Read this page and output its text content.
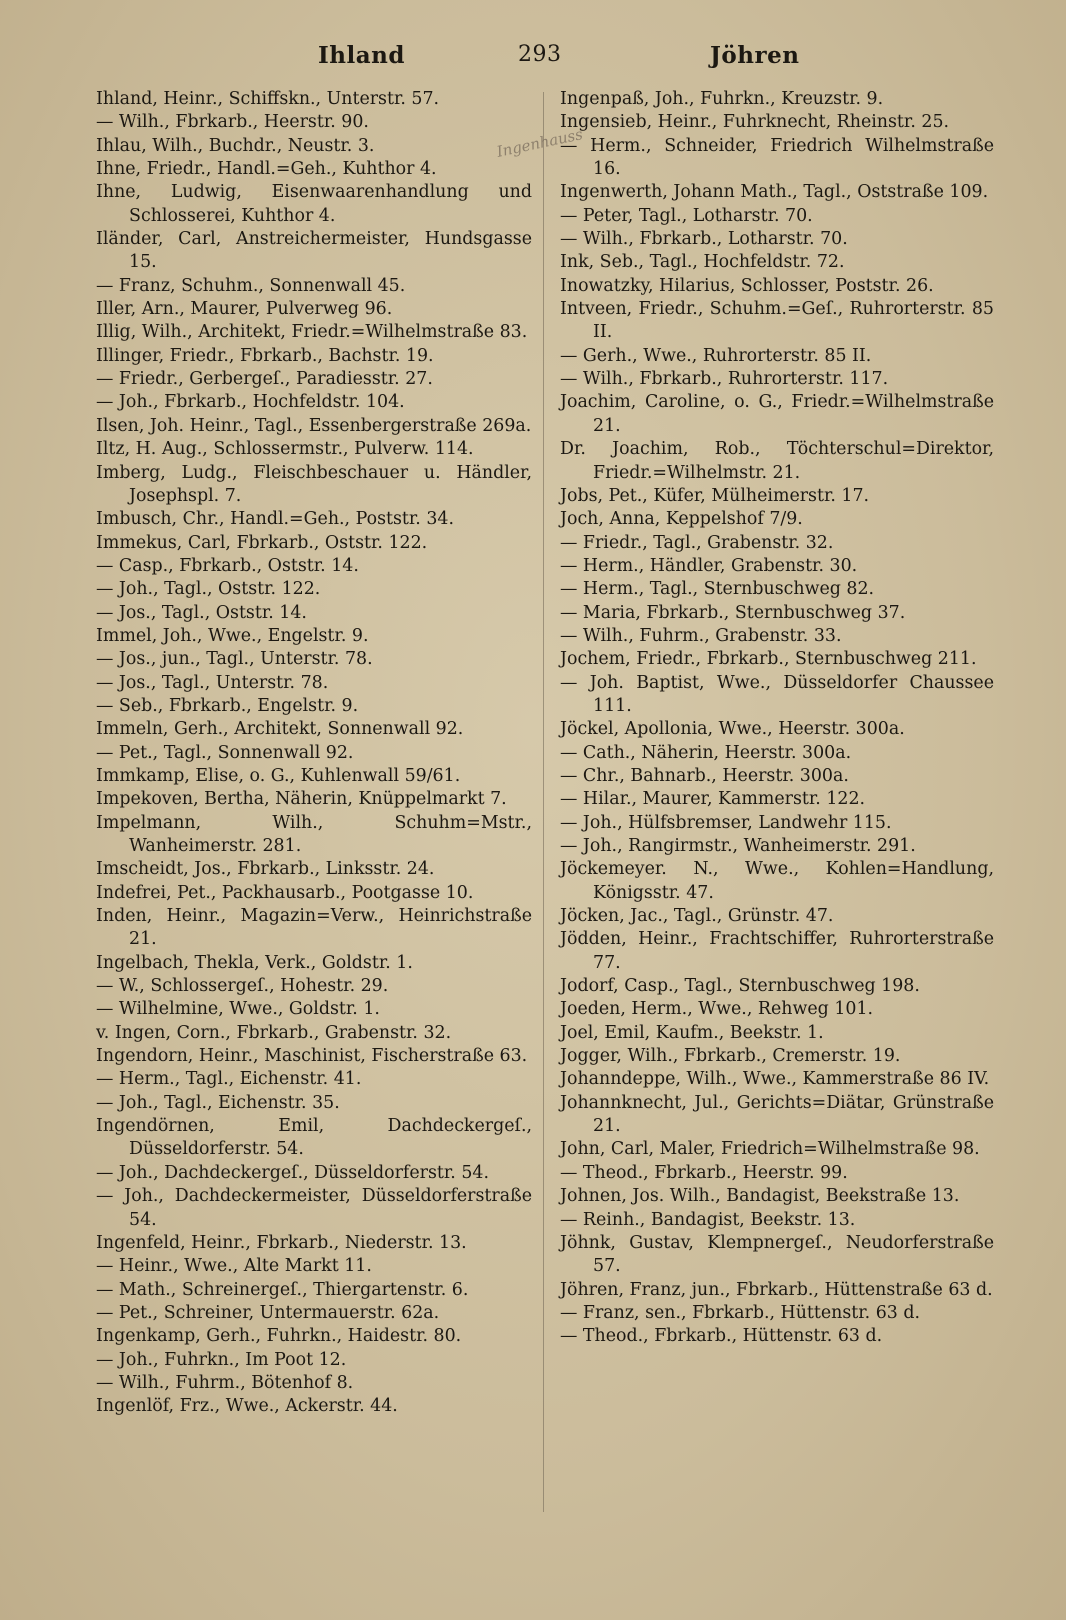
Ihland	293	Jöhren
Ingenhauss

Ihland, Heinr., Schiffskn., Unterstr. 57.

— Wilh., Fbrkarb., Heerstr. 90.

Ihlau, Wilh., Buchdr., Neustr. 3.

Ihne, Friedr., Handl.=Geh., Kuhthor 4.

Ihne, Ludwig, Eisenwaarenhandlung und Schlosserei, Kuhthor 4.

Iländer, Carl, Anstreichermeister, Hundsgasse 15.

— Franz, Schuhm., Sonnenwall 45.

Iller, Arn., Maurer, Pulverweg 96.

Illig, Wilh., Architekt, Friedr.=Wilhelmstraße 83.

Illinger, Friedr., Fbrkarb., Bachstr. 19.

— Friedr., Gerbergeſ., Paradiesstr. 27.

— Joh., Fbrkarb., Hochfeldstr. 104.

Ilsen, Joh. Heinr., Tagl., Essenbergerstraße 269a.

Iltz, H. Aug., Schlossermstr., Pulverw. 114.

Imberg, Ludg., Fleischbeschauer u. Händler, Josephspl. 7.

Imbusch, Chr., Handl.=Geh., Poststr. 34.

Immekus, Carl, Fbrkarb., Oststr. 122.

— Casp., Fbrkarb., Oststr. 14.

— Joh., Tagl., Oststr. 122.

— Jos., Tagl., Oststr. 14.

Immel, Joh., Wwe., Engelstr. 9.

— Jos., jun., Tagl., Unterstr. 78.

— Jos., Tagl., Unterstr. 78.

— Seb., Fbrkarb., Engelstr. 9.

Immeln, Gerh., Architekt, Sonnenwall 92.

— Pet., Tagl., Sonnenwall 92.

Immkamp, Elise, o. G., Kuhlenwall 59/61.

Impekoven, Bertha, Näherin, Knüppelmarkt 7.

Impelmann, Wilh., Schuhm=Mstr., Wanheimerstr. 281.

Imscheidt, Jos., Fbrkarb., Linksstr. 24.

Indefrei, Pet., Packhausarb., Pootgasse 10.

Inden, Heinr., Magazin=Verw., Heinrichstraße 21.

Ingelbach, Thekla, Verk., Goldstr. 1.

— W., Schlossergeſ., Hohestr. 29.

— Wilhelmine, Wwe., Goldstr. 1.

v. Ingen, Corn., Fbrkarb., Grabenstr. 32.

Ingendorn, Heinr., Maschinist, Fischerstraße 63.

— Herm., Tagl., Eichenstr. 41.

— Joh., Tagl., Eichenstr. 35.

Ingendörnen, Emil, Dachdeckergeſ., Düsseldorferstr. 54.

— Joh., Dachdeckergeſ., Düsseldorferstr. 54.

— Joh., Dachdeckermeister, Düsseldorferstraße 54.

Ingenfeld, Heinr., Fbrkarb., Niederstr. 13.

— Heinr., Wwe., Alte Markt 11.

— Math., Schreinergeſ., Thiergartenstr. 6.

— Pet., Schreiner, Untermauerstr. 62a.

Ingenkamp, Gerh., Fuhrkn., Haidestr. 80.

— Joh., Fuhrkn., Im Poot 12.

— Wilh., Fuhrm., Bötenhof 8.

Ingenlöf, Frz., Wwe., Ackerstr. 44.

Ingenpaß, Joh., Fuhrkn., Kreuzstr. 9.

Ingensieb, Heinr., Fuhrknecht, Rheinstr. 25.

— Herm., Schneider, Friedrich Wilhelmstraße 16.

Ingenwerth, Johann Math., Tagl., Oststraße 109.

— Peter, Tagl., Lotharstr. 70.

— Wilh., Fbrkarb., Lotharstr. 70.

Ink, Seb., Tagl., Hochfeldstr. 72.

Inowatzky, Hilarius, Schlosser, Poststr. 26.

Intveen, Friedr., Schuhm.=Geſ., Ruhrorterstr. 85 II.

— Gerh., Wwe., Ruhrorterstr. 85 II.

— Wilh., Fbrkarb., Ruhrorterstr. 117.

Joachim, Caroline, o. G., Friedr.=Wilhelmstraße 21.

Dr. Joachim, Rob., Töchterschul=Direktor, Friedr.=Wilhelmstr. 21.

Jobs, Pet., Küfer, Mülheimerstr. 17.

Joch, Anna, Keppelshof 7/9.

— Friedr., Tagl., Grabenstr. 32.

— Herm., Händler, Grabenstr. 30.

— Herm., Tagl., Sternbuschweg 82.

— Maria, Fbrkarb., Sternbuschweg 37.

— Wilh., Fuhrm., Grabenstr. 33.

Jochem, Friedr., Fbrkarb., Sternbuschweg 211.

— Joh. Baptist, Wwe., Düsseldorfer Chaussee 111.

Jöckel, Apollonia, Wwe., Heerstr. 300a.

— Cath., Näherin, Heerstr. 300a.

— Chr., Bahnarb., Heerstr. 300a.

— Hilar., Maurer, Kammerstr. 122.

— Joh., Hülfsbremser, Landwehr 115.

— Joh., Rangirmstr., Wanheimerstr. 291.

Jöckemeyer. N., Wwe., Kohlen=Handlung, Königsstr. 47.

Jöcken, Jac., Tagl., Grünstr. 47.

Jödden, Heinr., Frachtschiffer, Ruhrorterstraße 77.

Jodorf, Casp., Tagl., Sternbuschweg 198.

Joeden, Herm., Wwe., Rehweg 101.

Joel, Emil, Kaufm., Beekstr. 1.

Jogger, Wilh., Fbrkarb., Cremerstr. 19.

Johanndeppe, Wilh., Wwe., Kammerstraße 86 IV.

Johannknecht, Jul., Gerichts=Diätar, Grünstraße 21.

John, Carl, Maler, Friedrich=Wilhelmstraße 98.

— Theod., Fbrkarb., Heerstr. 99.

Johnen, Jos. Wilh., Bandagist, Beekstraße 13.

— Reinh., Bandagist, Beekstr. 13.

Jöhnk, Gustav, Klempnergeſ., Neudorferstraße 57.

Jöhren, Franz, jun., Fbrkarb., Hüttenstraße 63 d.

— Franz, sen., Fbrkarb., Hüttenstr. 63 d.

— Theod., Fbrkarb., Hüttenstr. 63 d.
